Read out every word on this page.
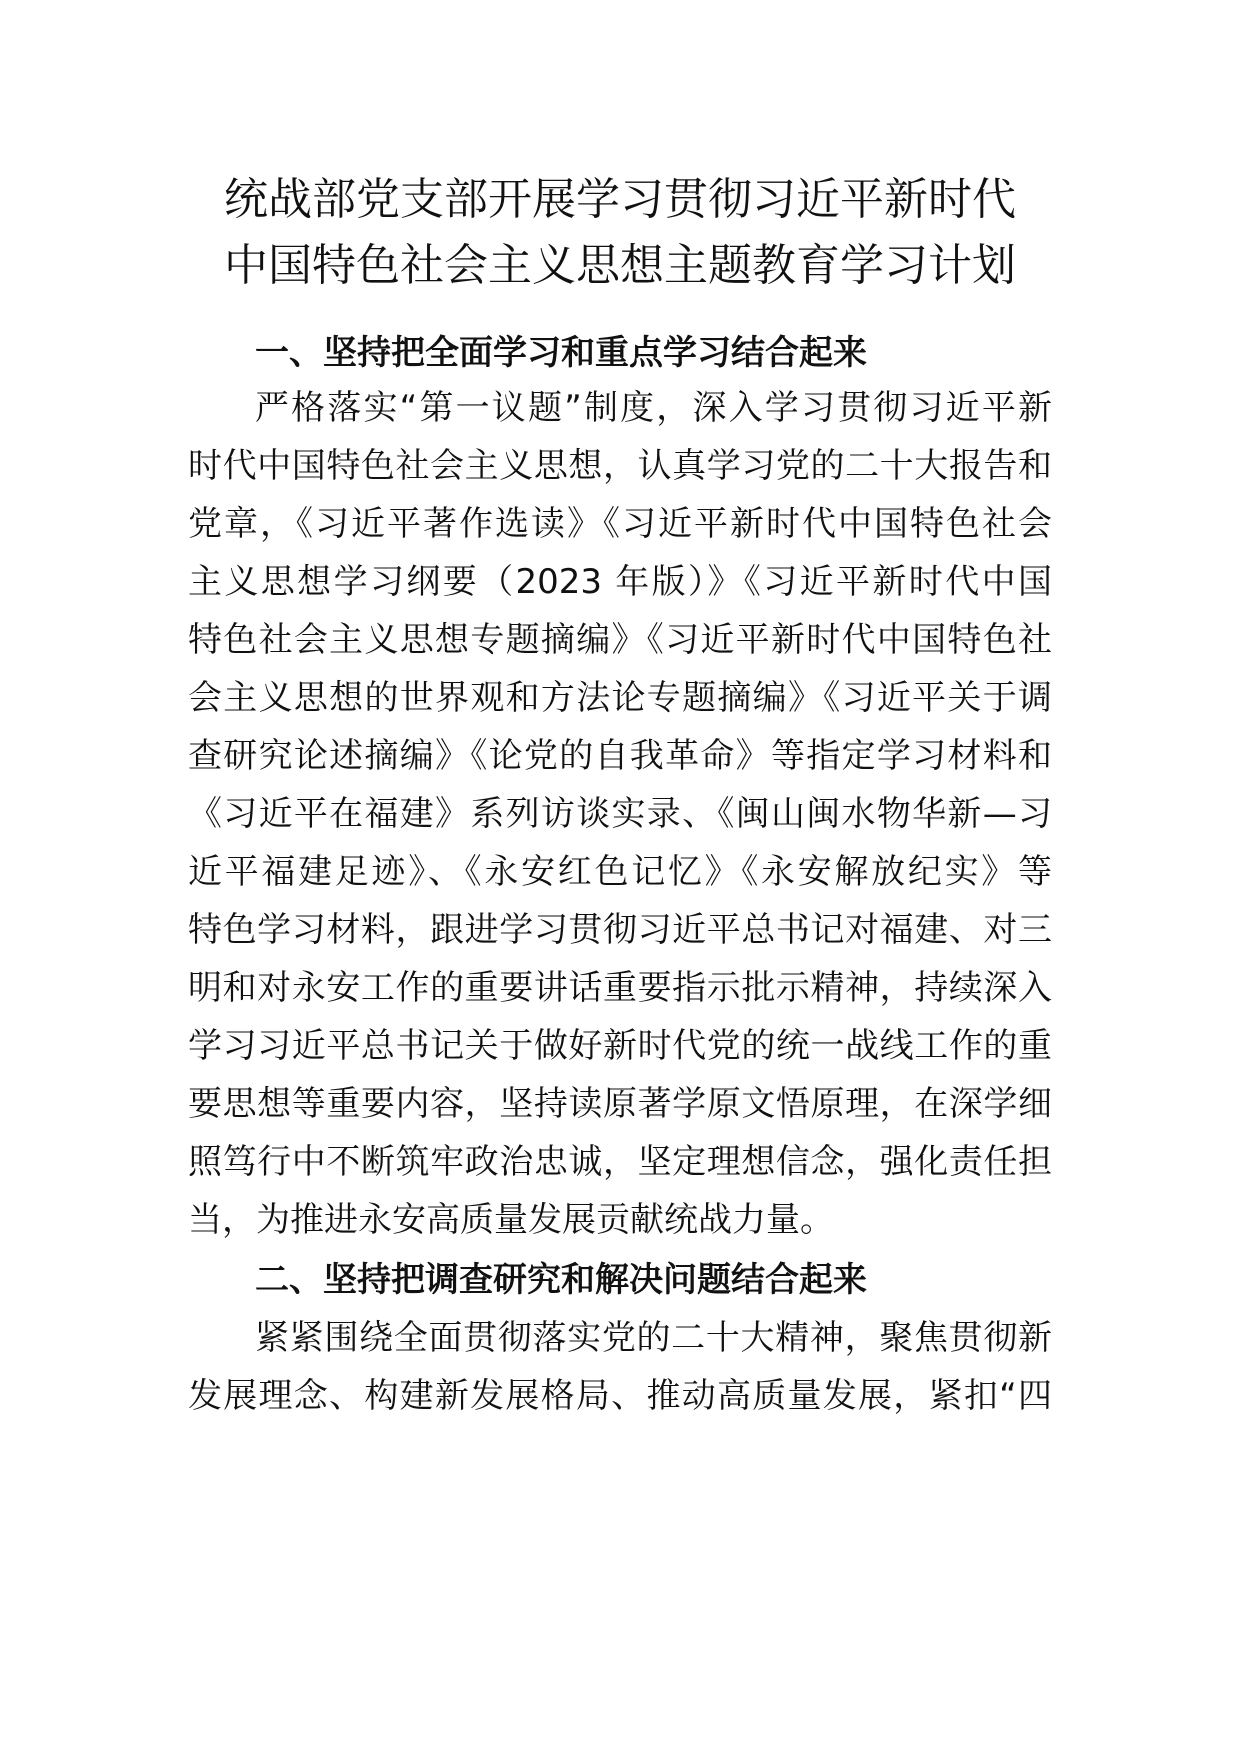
统战部党支部开展学习贯彻习近平新时代
中国特色社会主义思想主题教育学习计划
一、坚持把全面学习和重点学习结合起来
严格落实“第一议题”制度，深入学习贯彻习近平新
时代中国特色社会主义思想，认真学习党的二十大报告和
党章，《习近平著作选读》《习近平新时代中国特色社会
主义思想学习纲要（2023 年版）》《习近平新时代中国
特色社会主义思想专题摘编》《习近平新时代中国特色社
会主义思想的世界观和方法论专题摘编》《习近平关于调
查研究论述摘编》《论党的自我革命》等指定学习材料和
《习近平在福建》系列访谈实录、《闽山闽水物华新—习
近平福建足迹》、《永安红色记忆》《永安解放纪实》等
特色学习材料，跟进学习贯彻习近平总书记对福建、对三
明和对永安工作的重要讲话重要指示批示精神，持续深入
学习习近平总书记关于做好新时代党的统一战线工作的重
要思想等重要内容，坚持读原著学原文悟原理，在深学细
照笃行中不断筑牢政治忠诚，坚定理想信念，强化责任担
当，为推进永安高质量发展贡献统战力量。
二、坚持把调查研究和解决问题结合起来
紧紧围绕全面贯彻落实党的二十大精神，聚焦贯彻新
发展理念、构建新发展格局、推动高质量发展，紧扣“四
